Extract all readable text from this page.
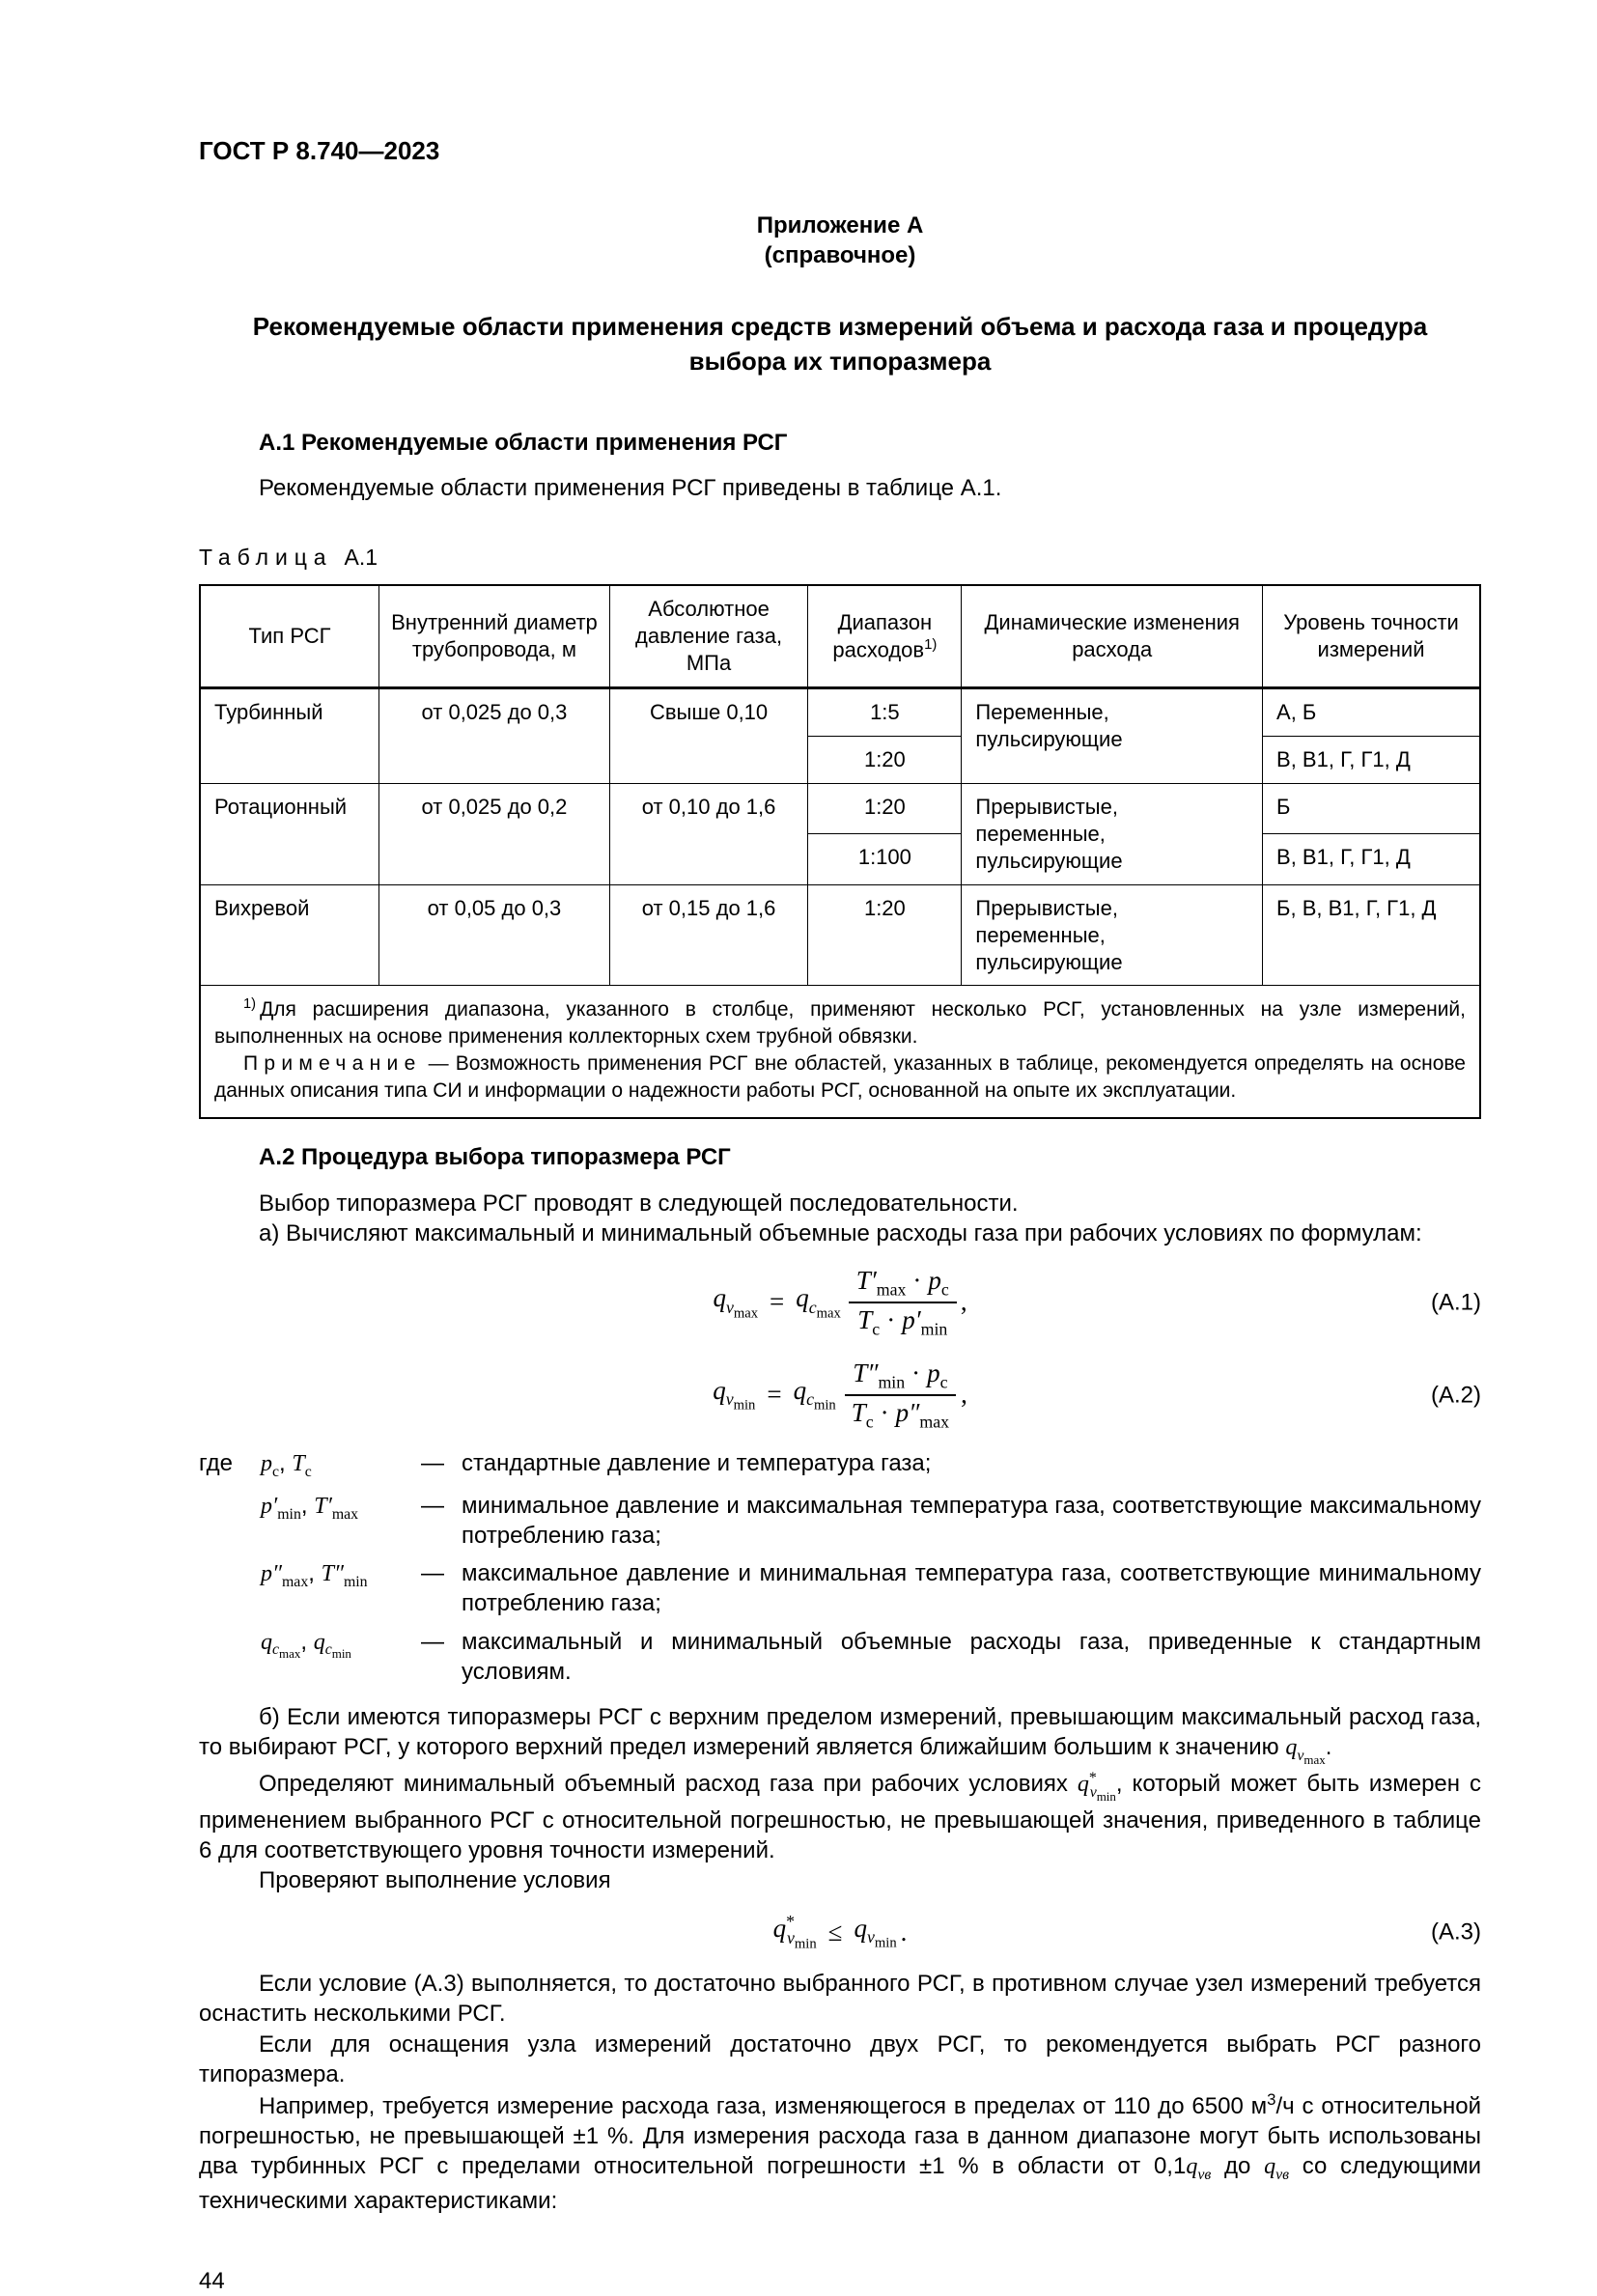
ГОСТ Р 8.740—2023
Приложение А
(справочное)
Рекомендуемые области применения средств измерений объема и расхода газа и процедура выбора их типоразмера
А.1 Рекомендуемые области применения РСГ

Рекомендуемые области применения РСГ приведены в таблице А.1.

Таблица А.1
Тип РСГ	Внутренний диаметр трубопровода, м	Абсолютное давление газа, МПа	Диапазон расходов$^{1)}$	Динамические изменения расхода	Уровень точности измерений
Турбинный	от 0,025 до 0,3	Свыше 0,10	1:5	Переменные, пульсирующие	А, Б
			1:20		В, В1, Г, Г1, Д
Ротационный	от 0,025 до 0,2	от 0,10 до 1,6	1:20	Прерывистые, переменные, пульсирующие	Б
			1:100		В, В1, Г, Г1, Д
Вихревой	от 0,05 до 0,3	от 0,15 до 1,6	1:20	Прерывистые, переменные, пульсирующие	Б, В, В1, Г, Г1, Д

$^{1)}$ Для расширения диапазона, указанного в столбце, применяют несколько РСГ, установленных на узле измерений, выполненных на основе применения коллекторных схем трубной обвязки.

Примечание — Возможность применения РСГ вне областей, указанных в таблице, рекомендуется определять на основе данных описания типа СИ и информации о надежности работы РСГ, основанной на опыте их эксплуатации.					

А.2 Процедура выбора типоразмера РСГ

Выбор типоразмера РСГ проводят в следующей последовательности.

а) Вычисляют максимальный и минимальный объемные расходы газа при рабочих условиях по формулам:

$q_{v_{max}} = q_{c_{max}} \frac{T'_{max} \cdot p_с}{T_с \cdot p'_{min}}$ ,	(А.1)
$q_{v_{min}} = q_{c_{min}} \frac{T''_{min} \cdot p_с}{T_с \cdot p''_{max}}$ ,	(А.2)
где	$p_с$, $T_с$	— стандартные давление и температура газа;
$p'_{min}$, $T'_{max}$	— минимальное давление и максимальная температура газа, соответствующие максимальному потреблению газа;
$p''_{max}$, $T''_{min}$	— максимальное давление и минимальная температура газа, соответствующие минимальному потреблению газа;
$q_{c_{max}}$, $q_{c_{min}}$	— максимальный и минимальный объемные расходы газа, приведенные к стандартным условиям.

б) Если имеются типоразмеры РСГ с верхним пределом измерений, превышающим максимальный расход газа, то выбирают РСГ, у которого верхний предел измерений является ближайшим большим к значению $q_{v_{max}}$.

Определяют минимальный объемный расход газа при рабочих условиях $q^*_{v_{min}}$, который может быть измерен с применением выбранного РСГ с относительной погрешностью, не превышающей значения, приведенного в таблице 6 для соответствующего уровня точности измерений.

Проверяют выполнение условия

$q^*_{v_{min}} \le q_{v_{min}}$ .	(А.3)

Если условие (А.3) выполняется, то достаточно выбранного РСГ, в противном случае узел измерений требуется оснастить несколькими РСГ.

Если для оснащения узла измерений достаточно двух РСГ, то рекомендуется выбрать РСГ разного типоразмера.

Например, требуется измерение расхода газа, изменяющегося в пределах от 110 до 6500 $м^3/ч$ с относительной погрешностью, не превышающей ±1 %. Для измерения расхода газа в данном диапазоне могут быть использованы два турбинных РСГ с пределами относительной погрешности ±1 % в области от $0,1q_{vв}$ до $q_{vв}$ со следующими техническими характеристиками:

44
